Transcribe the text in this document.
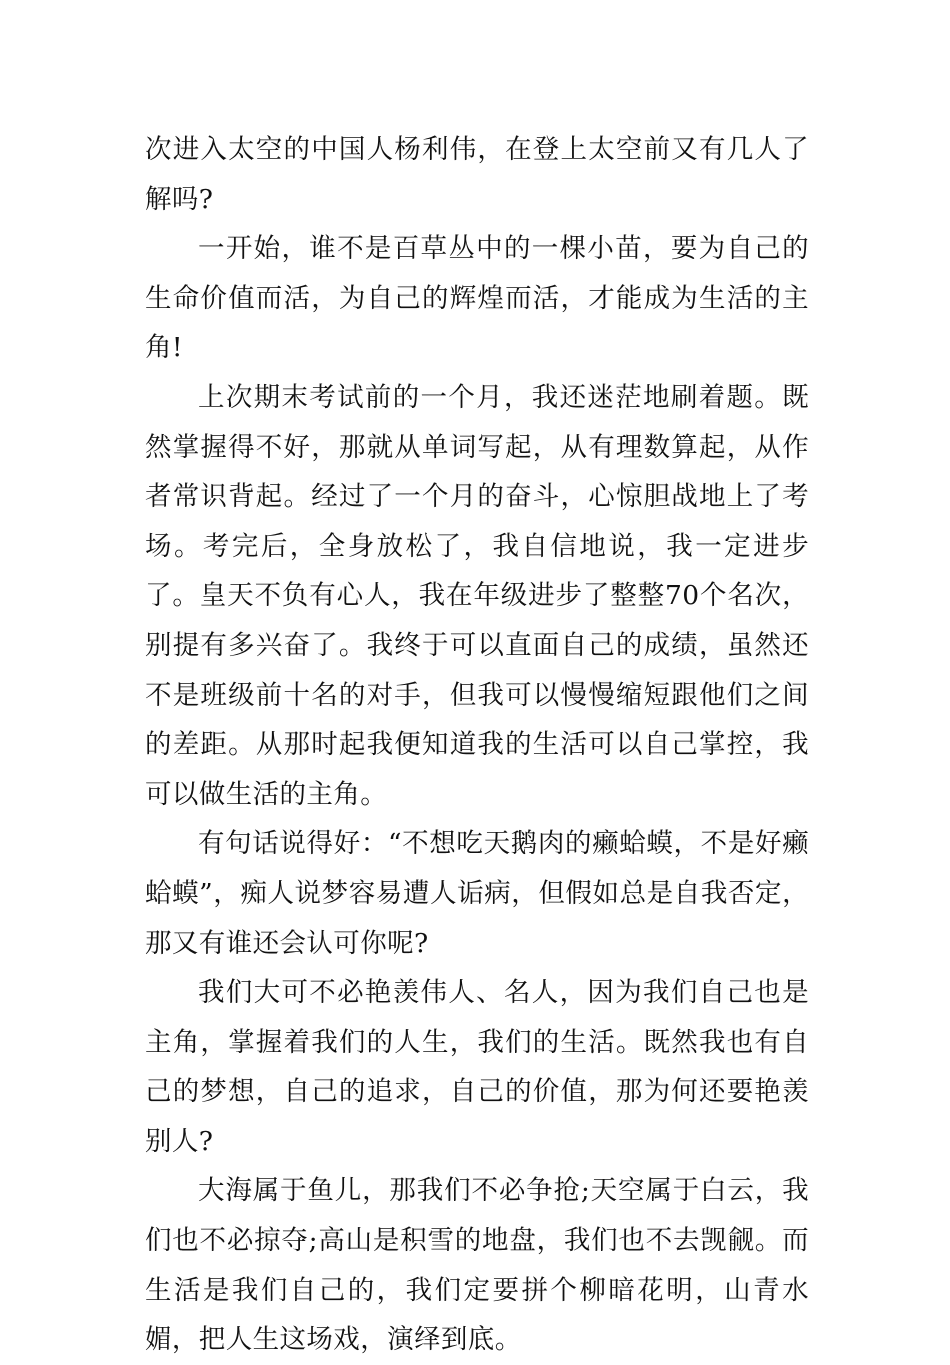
次进入太空的中国人杨利伟，在登上太空前又有几人了解吗?

一开始，谁不是百草丛中的一棵小苗，要为自己的生命价值而活，为自己的辉煌而活，才能成为生活的主角!

上次期末考试前的一个月，我还迷茫地刷着题。既然掌握得不好，那就从单词写起，从有理数算起，从作者常识背起。经过了一个月的奋斗，心惊胆战地上了考场。考完后，全身放松了，我自信地说，我一定进步了。皇天不负有心人，我在年级进步了整整70个名次，别提有多兴奋了。我终于可以直面自己的成绩，虽然还不是班级前十名的对手，但我可以慢慢缩短跟他们之间的差距。从那时起我便知道我的生活可以自己掌控，我可以做生活的主角。

有句话说得好：“不想吃天鹅肉的癞蛤蟆，不是好癞蛤蟆”，痴人说梦容易遭人诟病，但假如总是自我否定，那又有谁还会认可你呢?

我们大可不必艳羡伟人、名人，因为我们自己也是主角，掌握着我们的人生，我们的生活。既然我也有自己的梦想，自己的追求，自己的价值，那为何还要艳羡别人?

大海属于鱼儿，那我们不必争抢;天空属于白云，我们也不必掠夺;高山是积雪的地盘，我们也不去觊觎。而生活是我们自己的，我们定要拼个柳暗花明，山青水媚，把人生这场戏，演绎到底。
